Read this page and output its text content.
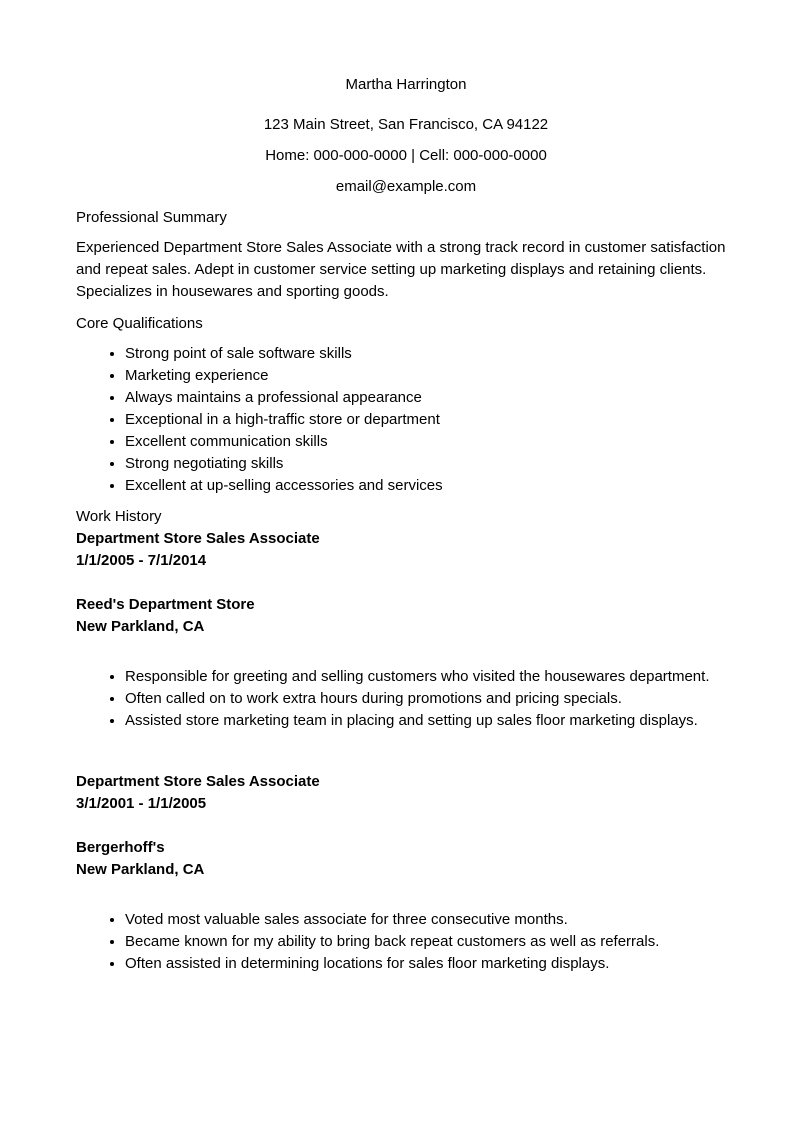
Martha Harrington

123 Main Street, San Francisco, CA 94122

Home: 000-000-0000 | Cell: 000-000-0000

email@example.com

Professional Summary

Experienced Department Store Sales Associate with a strong track record in customer satisfaction and repeat sales. Adept in customer service setting up marketing displays and retaining clients. Specializes in housewares and sporting goods.

Core Qualifications

• Strong point of sale software skills
• Marketing experience
• Always maintains a professional appearance
• Exceptional in a high-traffic store or department
• Excellent communication skills
• Strong negotiating skills
• Excellent at up-selling accessories and services

Work History

Department Store Sales Associate

1/1/2005 - 7/1/2014

Reed's Department Store

New Parkland, CA

• Responsible for greeting and selling customers who visited the housewares department.
• Often called on to work extra hours during promotions and pricing specials.
• Assisted store marketing team in placing and setting up sales floor marketing displays.

Department Store Sales Associate

3/1/2001 - 1/1/2005

Bergerhoff's

New Parkland, CA

• Voted most valuable sales associate for three consecutive months.
• Became known for my ability to bring back repeat customers as well as referrals.
• Often assisted in determining locations for sales floor marketing displays.
